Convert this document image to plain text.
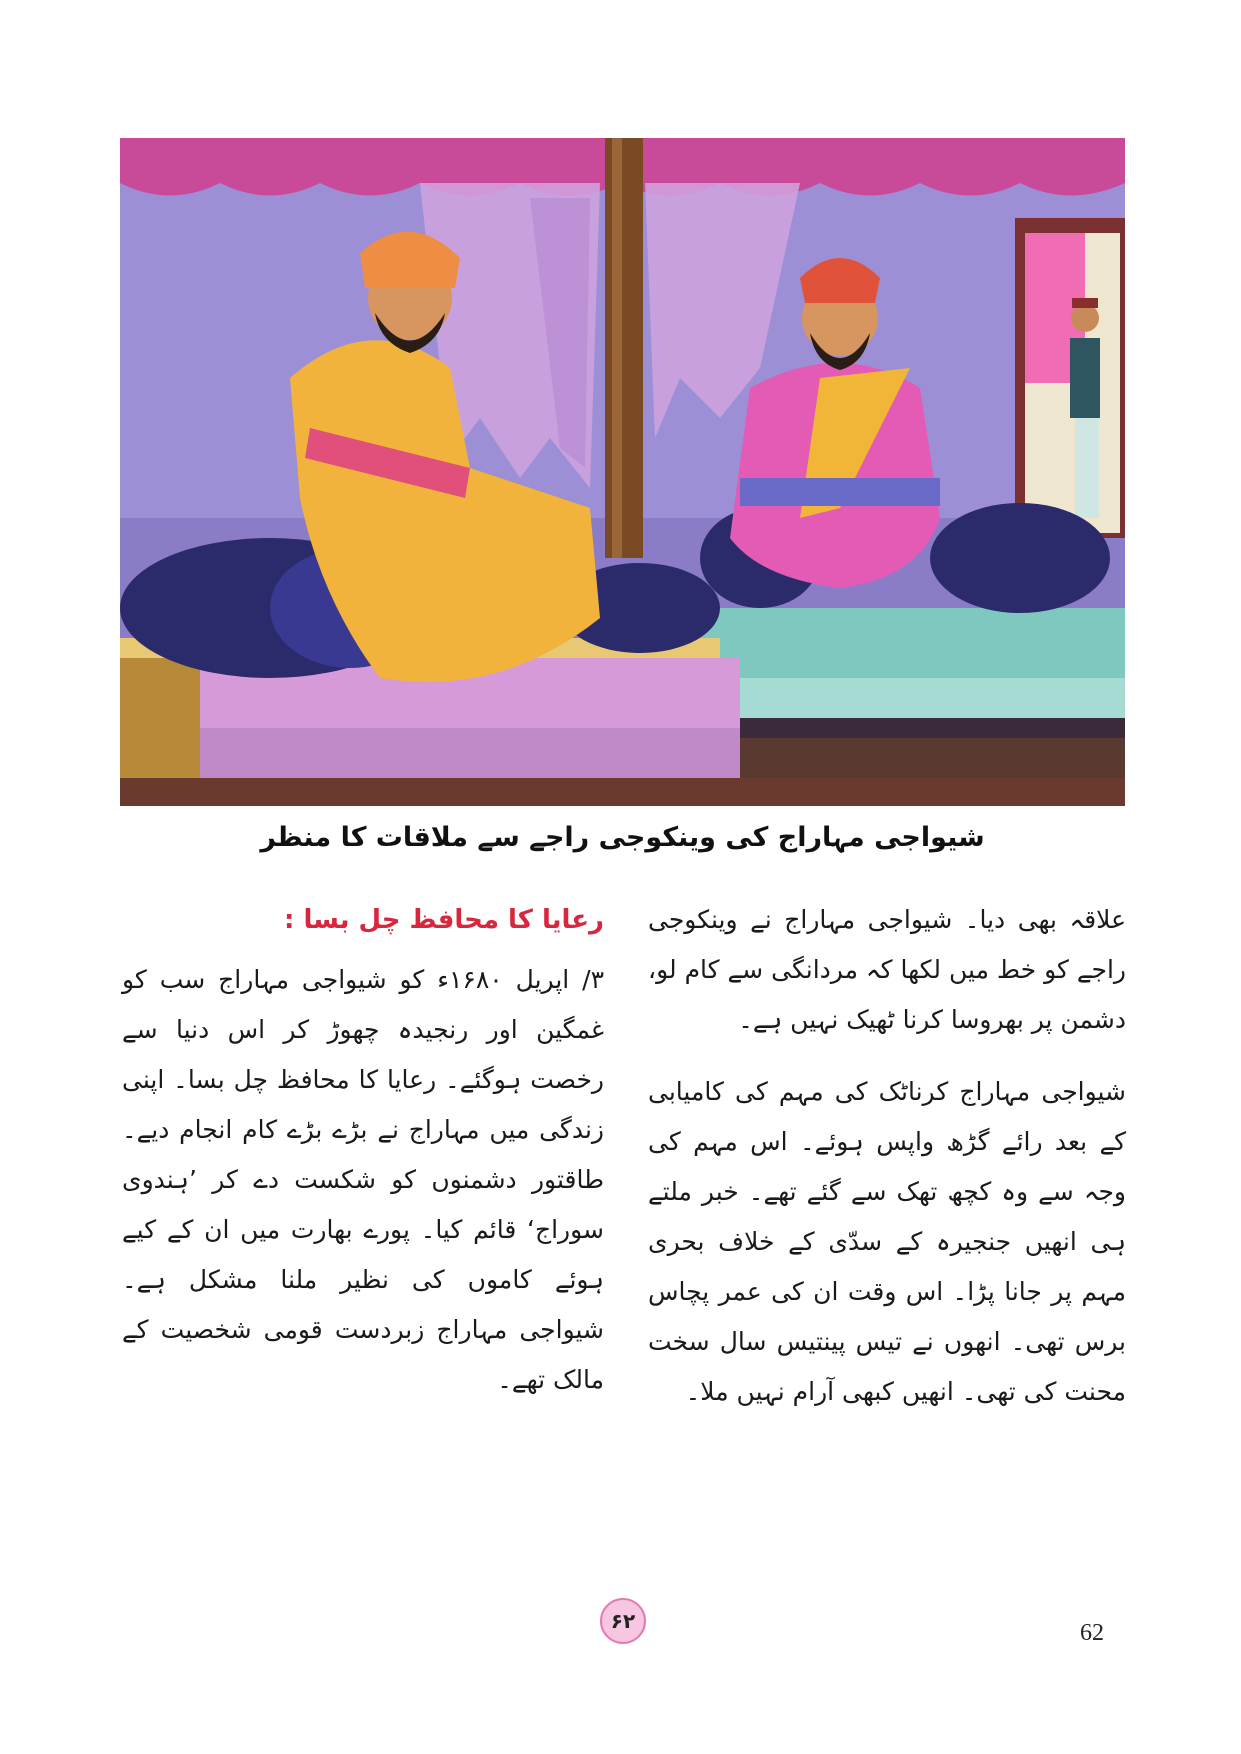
شیواجی مہاراج کی وینکوجی راجے سے ملاقات کا منظر

علاقہ بھی دیا۔ شیواجی مہاراج نے وینکوجی راجے کو خط میں لکھا کہ مردانگی سے کام لو، دشمن پر بھروسا کرنا ٹھیک نہیں ہے۔

شیواجی مہاراج کرناٹک کی مہم کی کامیابی کے بعد رائے گڑھ واپس ہوئے۔ اس مہم کی وجہ سے وہ کچھ تھک سے گئے تھے۔ خبر ملتے ہی انھیں جنجیرہ کے سدّی کے خلاف بحری مہم پر جانا پڑا۔ اس وقت ان کی عمر پچاس برس تھی۔ انھوں نے تیس پینتیس سال سخت محنت کی تھی۔ انھیں کبھی آرام نہیں ملا۔

رعایا کا محافظ چل بسا :

۳/ اپریل ۱۶۸۰ء کو شیواجی مہاراج سب کو غمگین اور رنجیدہ چھوڑ کر اس دنیا سے رخصت ہوگئے۔ رعایا کا محافظ چل بسا۔ اپنی زندگی میں مہاراج نے بڑے بڑے کام انجام دیے۔ طاقتور دشمنوں کو شکست دے کر ’ہندوی سوراج‘ قائم کیا۔ پورے بھارت میں ان کے کیے ہوئے کاموں کی نظیر ملنا مشکل ہے۔ شیواجی مہاراج زبردست قومی شخصیت کے مالک تھے۔

۶۲	62
